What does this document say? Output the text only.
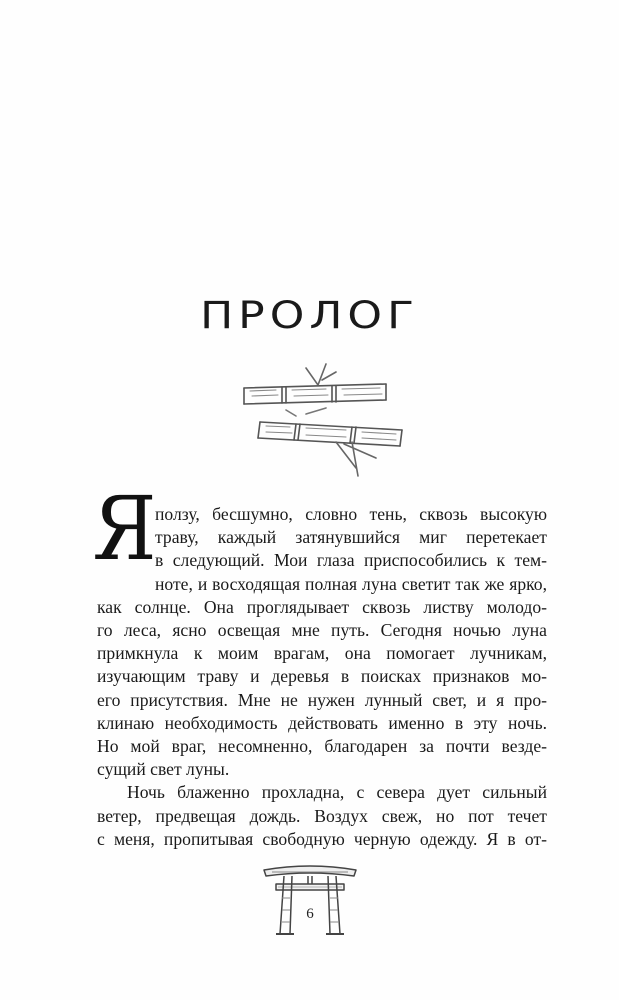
ПРОЛОГ
Я

ползу, бесшумно, словно тень, сквозь высокую

траву, каждый затянувшийся миг перетекает

в следующий. Мои глаза приспособились к тем-

ноте, и восходящая полная луна светит так же ярко,

как солнце. Она проглядывает сквозь листву молодо-

го леса, ясно освещая мне путь. Сегодня ночью луна

примкнула к моим врагам, она помогает лучникам,

изучающим траву и деревья в поисках признаков мо-

его присутствия. Мне не нужен лунный свет, и я про-

клинаю необходимость действовать именно в эту ночь.

Но мой враг, несомненно, благодарен за почти везде-

сущий свет луны.

Ночь блаженно прохладна, с севера дует сильный

ветер, предвещая дождь. Воздух свеж, но пот течет

с меня, пропитывая свободную черную одежду. Я в от-

6
